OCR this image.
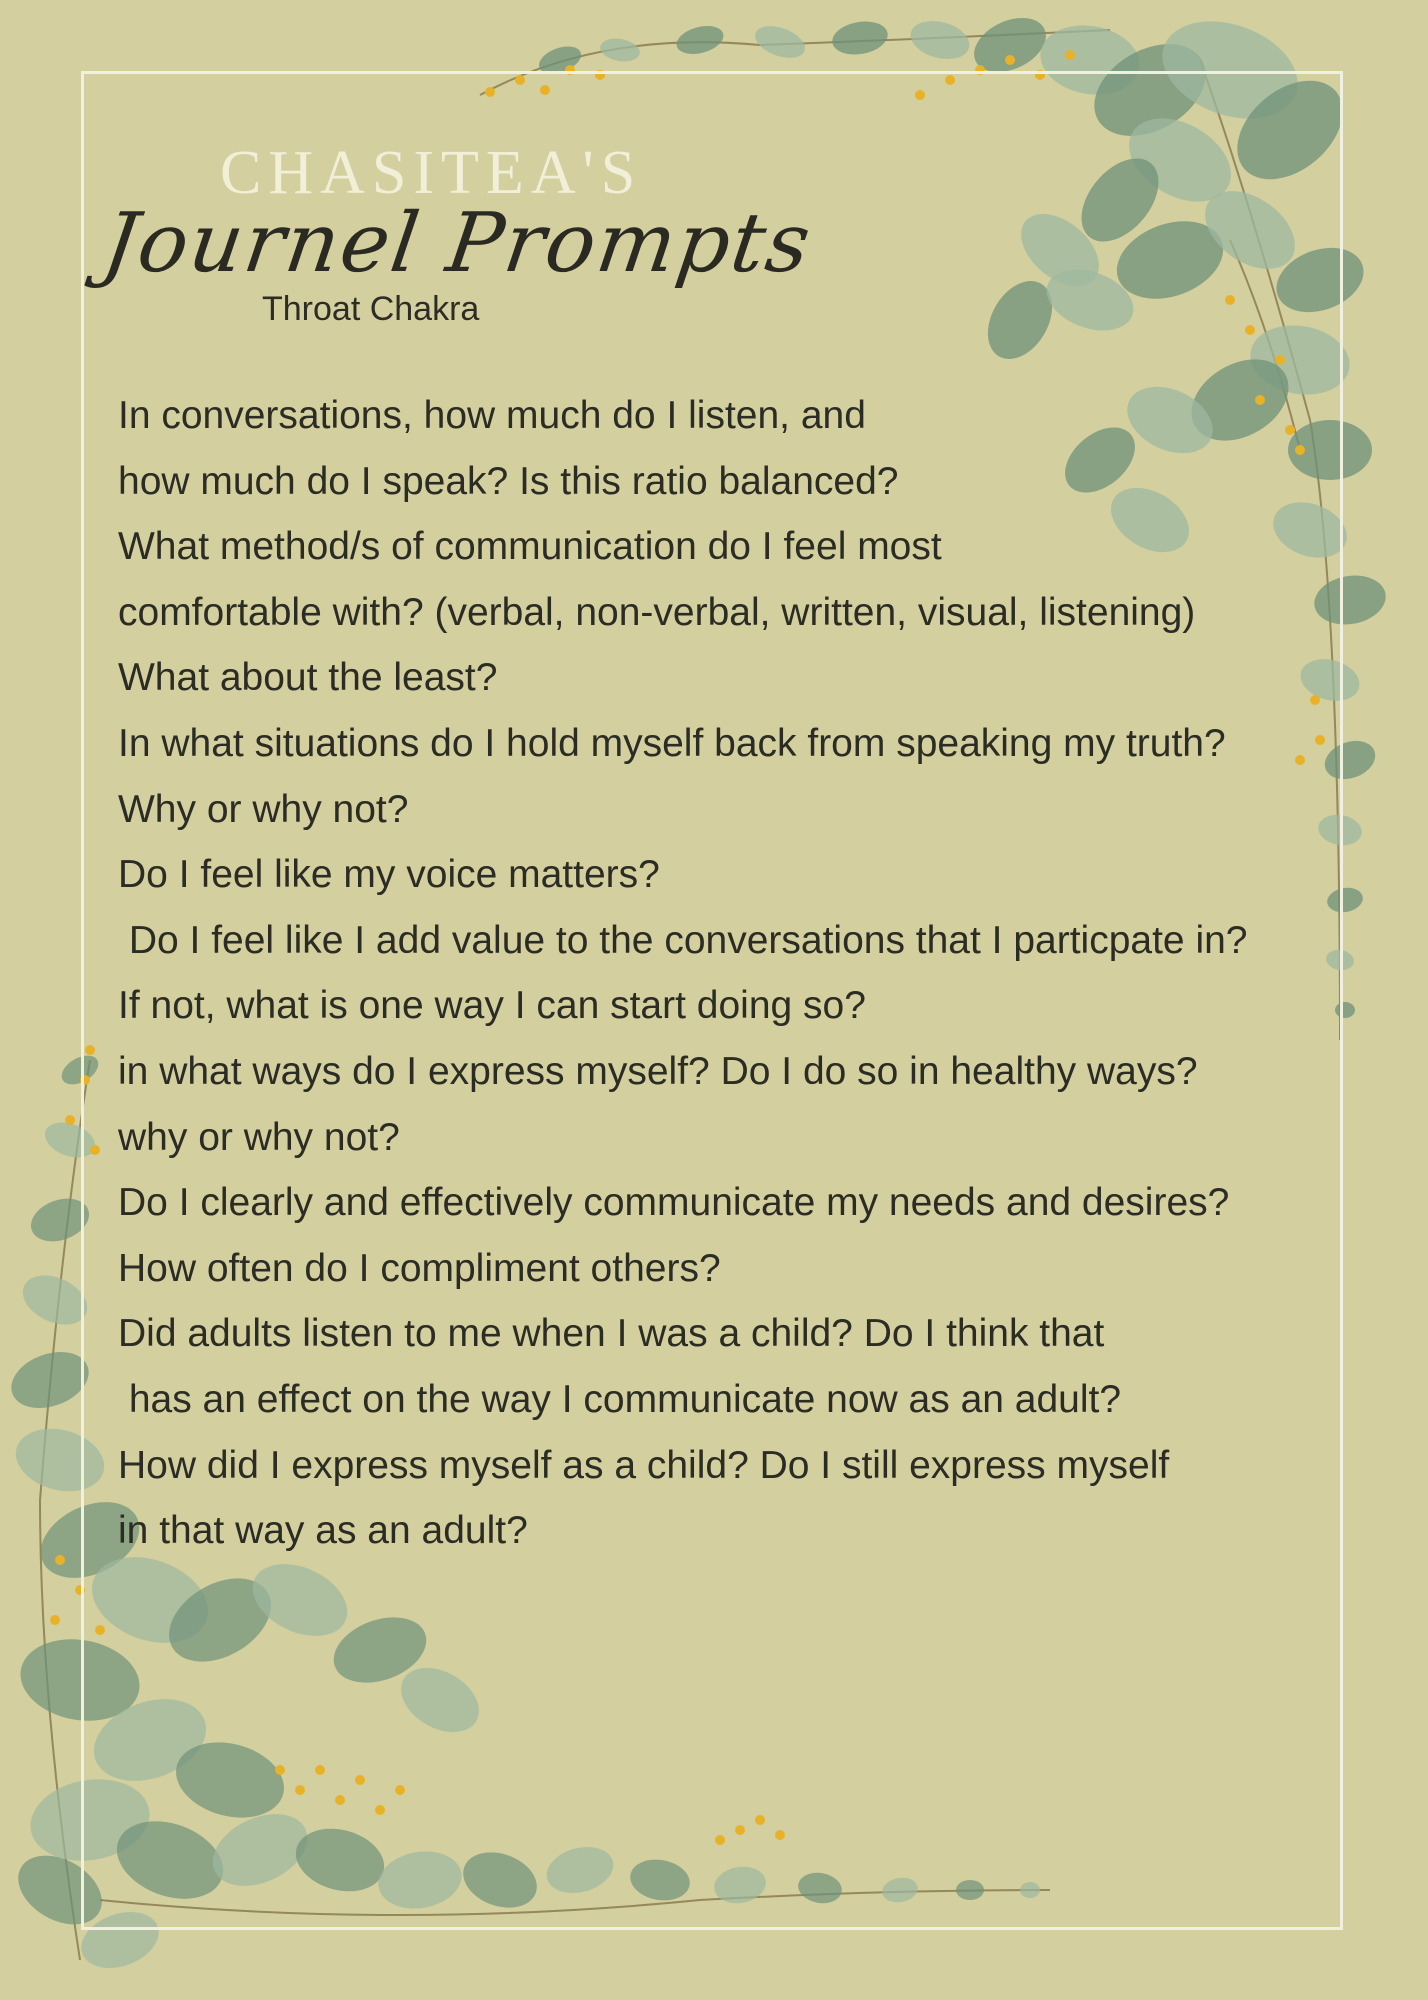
CHASITEA'S
Journel Prompts
Throat Chakra
In conversations, how much do I listen, and
how much do I speak? Is this ratio balanced?
What method/s of communication do I feel most
comfortable with? (verbal, non-verbal, written, visual, listening)
What about the least?
In what situations do I hold myself back from speaking my truth?
Why or why not?
Do I feel like my voice matters?
Do I feel like I add value to the conversations that I particpate in?
If not, what is one way I can start doing so?
in what ways do I express myself? Do I do so in healthy ways?
why or why not?
Do I clearly and effectively communicate my needs and desires?
How often do I compliment others?
Did adults listen to me when I was a child? Do I think that
has an effect on the way I communicate now as an adult?
How did I express myself as a child? Do I still express myself
in that way as an adult?
